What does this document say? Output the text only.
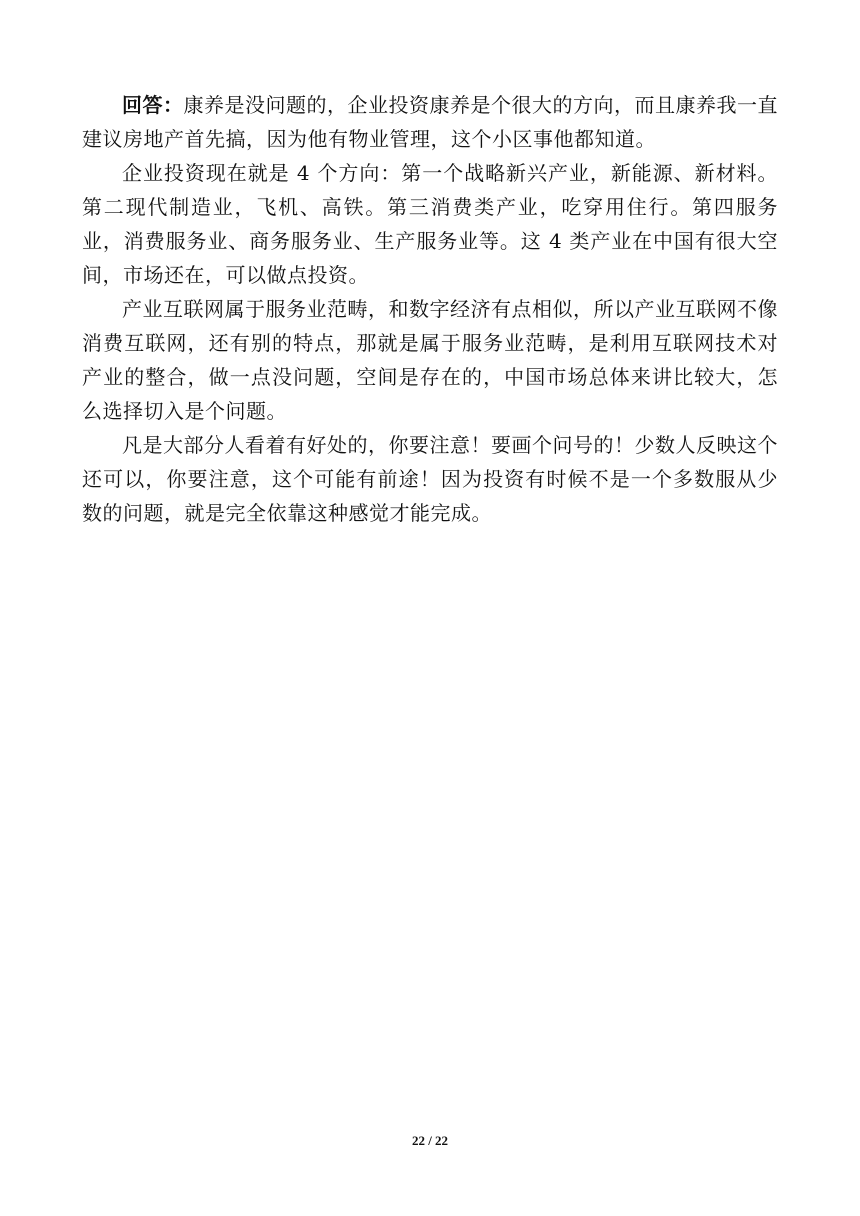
回答：康养是没问题的，企业投资康养是个很大的方向，而且康养我一直建议房地产首先搞，因为他有物业管理，这个小区事他都知道。

企业投资现在就是 4 个方向：第一个战略新兴产业，新能源、新材料。第二现代制造业，飞机、高铁。第三消费类产业，吃穿用住行。第四服务业，消费服务业、商务服务业、生产服务业等。这 4 类产业在中国有很大空间，市场还在，可以做点投资。

产业互联网属于服务业范畴，和数字经济有点相似，所以产业互联网不像消费互联网，还有别的特点，那就是属于服务业范畴，是利用互联网技术对产业的整合，做一点没问题，空间是存在的，中国市场总体来讲比较大，怎么选择切入是个问题。

凡是大部分人看着有好处的，你要注意！要画个问号的！少数人反映这个还可以，你要注意，这个可能有前途！因为投资有时候不是一个多数服从少数的问题，就是完全依靠这种感觉才能完成。

22 / 22
